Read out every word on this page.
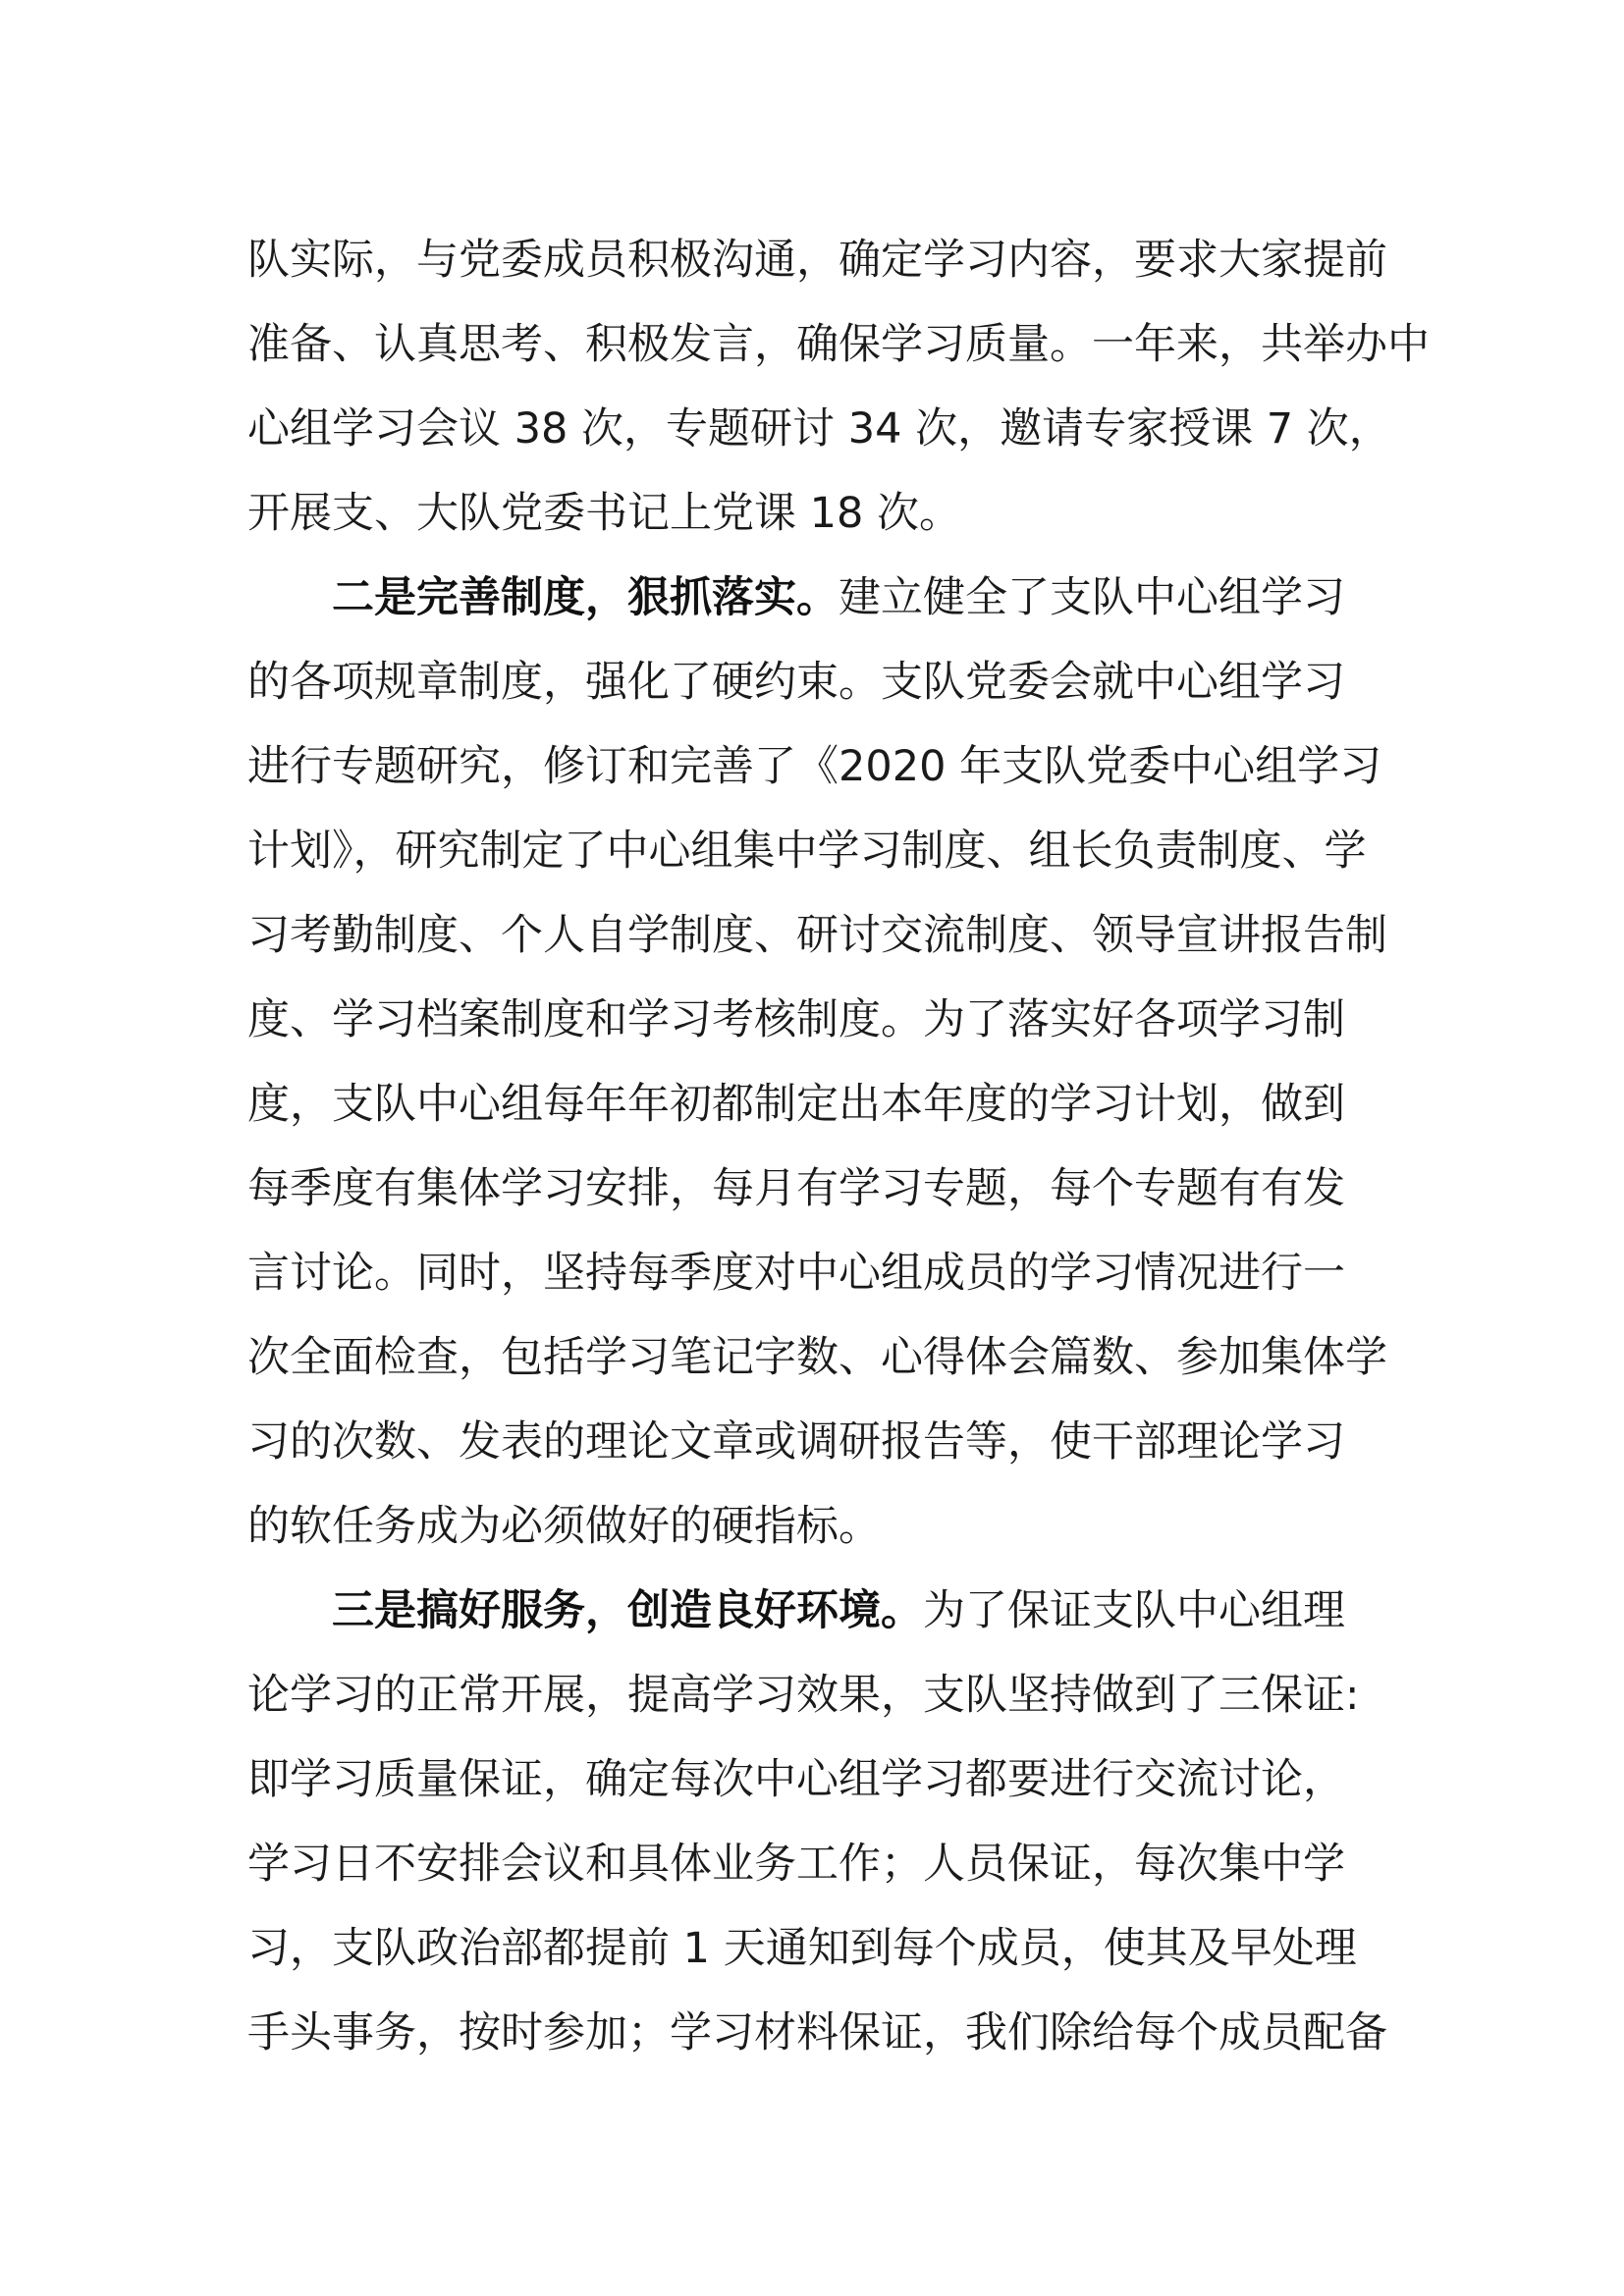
队实际，与党委成员积极沟通，确定学习内容，要求大家提前
准备、认真思考、积极发言，确保学习质量。一年来，共举办中
心组学习会议 38 次，专题研讨 34 次，邀请专家授课 7 次，
开展支、大队党委书记上党课 18 次。
二是完善制度，狠抓落实。建立健全了支队中心组学习
的各项规章制度，强化了硬约束。支队党委会就中心组学习
进行专题研究，修订和完善了《2020 年支队党委中心组学习
计划》，研究制定了中心组集中学习制度、组长负责制度、学
习考勤制度、个人自学制度、研讨交流制度、领导宣讲报告制
度、学习档案制度和学习考核制度。为了落实好各项学习制
度，支队中心组每年年初都制定出本年度的学习计划，做到
每季度有集体学习安排，每月有学习专题，每个专题有有发
言讨论。同时，坚持每季度对中心组成员的学习情况进行一
次全面检查，包括学习笔记字数、心得体会篇数、参加集体学
习的次数、发表的理论文章或调研报告等，使干部理论学习
的软任务成为必须做好的硬指标。
三是搞好服务，创造良好环境。为了保证支队中心组理
论学习的正常开展，提高学习效果，支队坚持做到了三保证:
即学习质量保证，确定每次中心组学习都要进行交流讨论，
学习日不安排会议和具体业务工作；人员保证，每次集中学
习，支队政治部都提前 1 天通知到每个成员，使其及早处理
手头事务，按时参加；学习材料保证，我们除给每个成员配备
